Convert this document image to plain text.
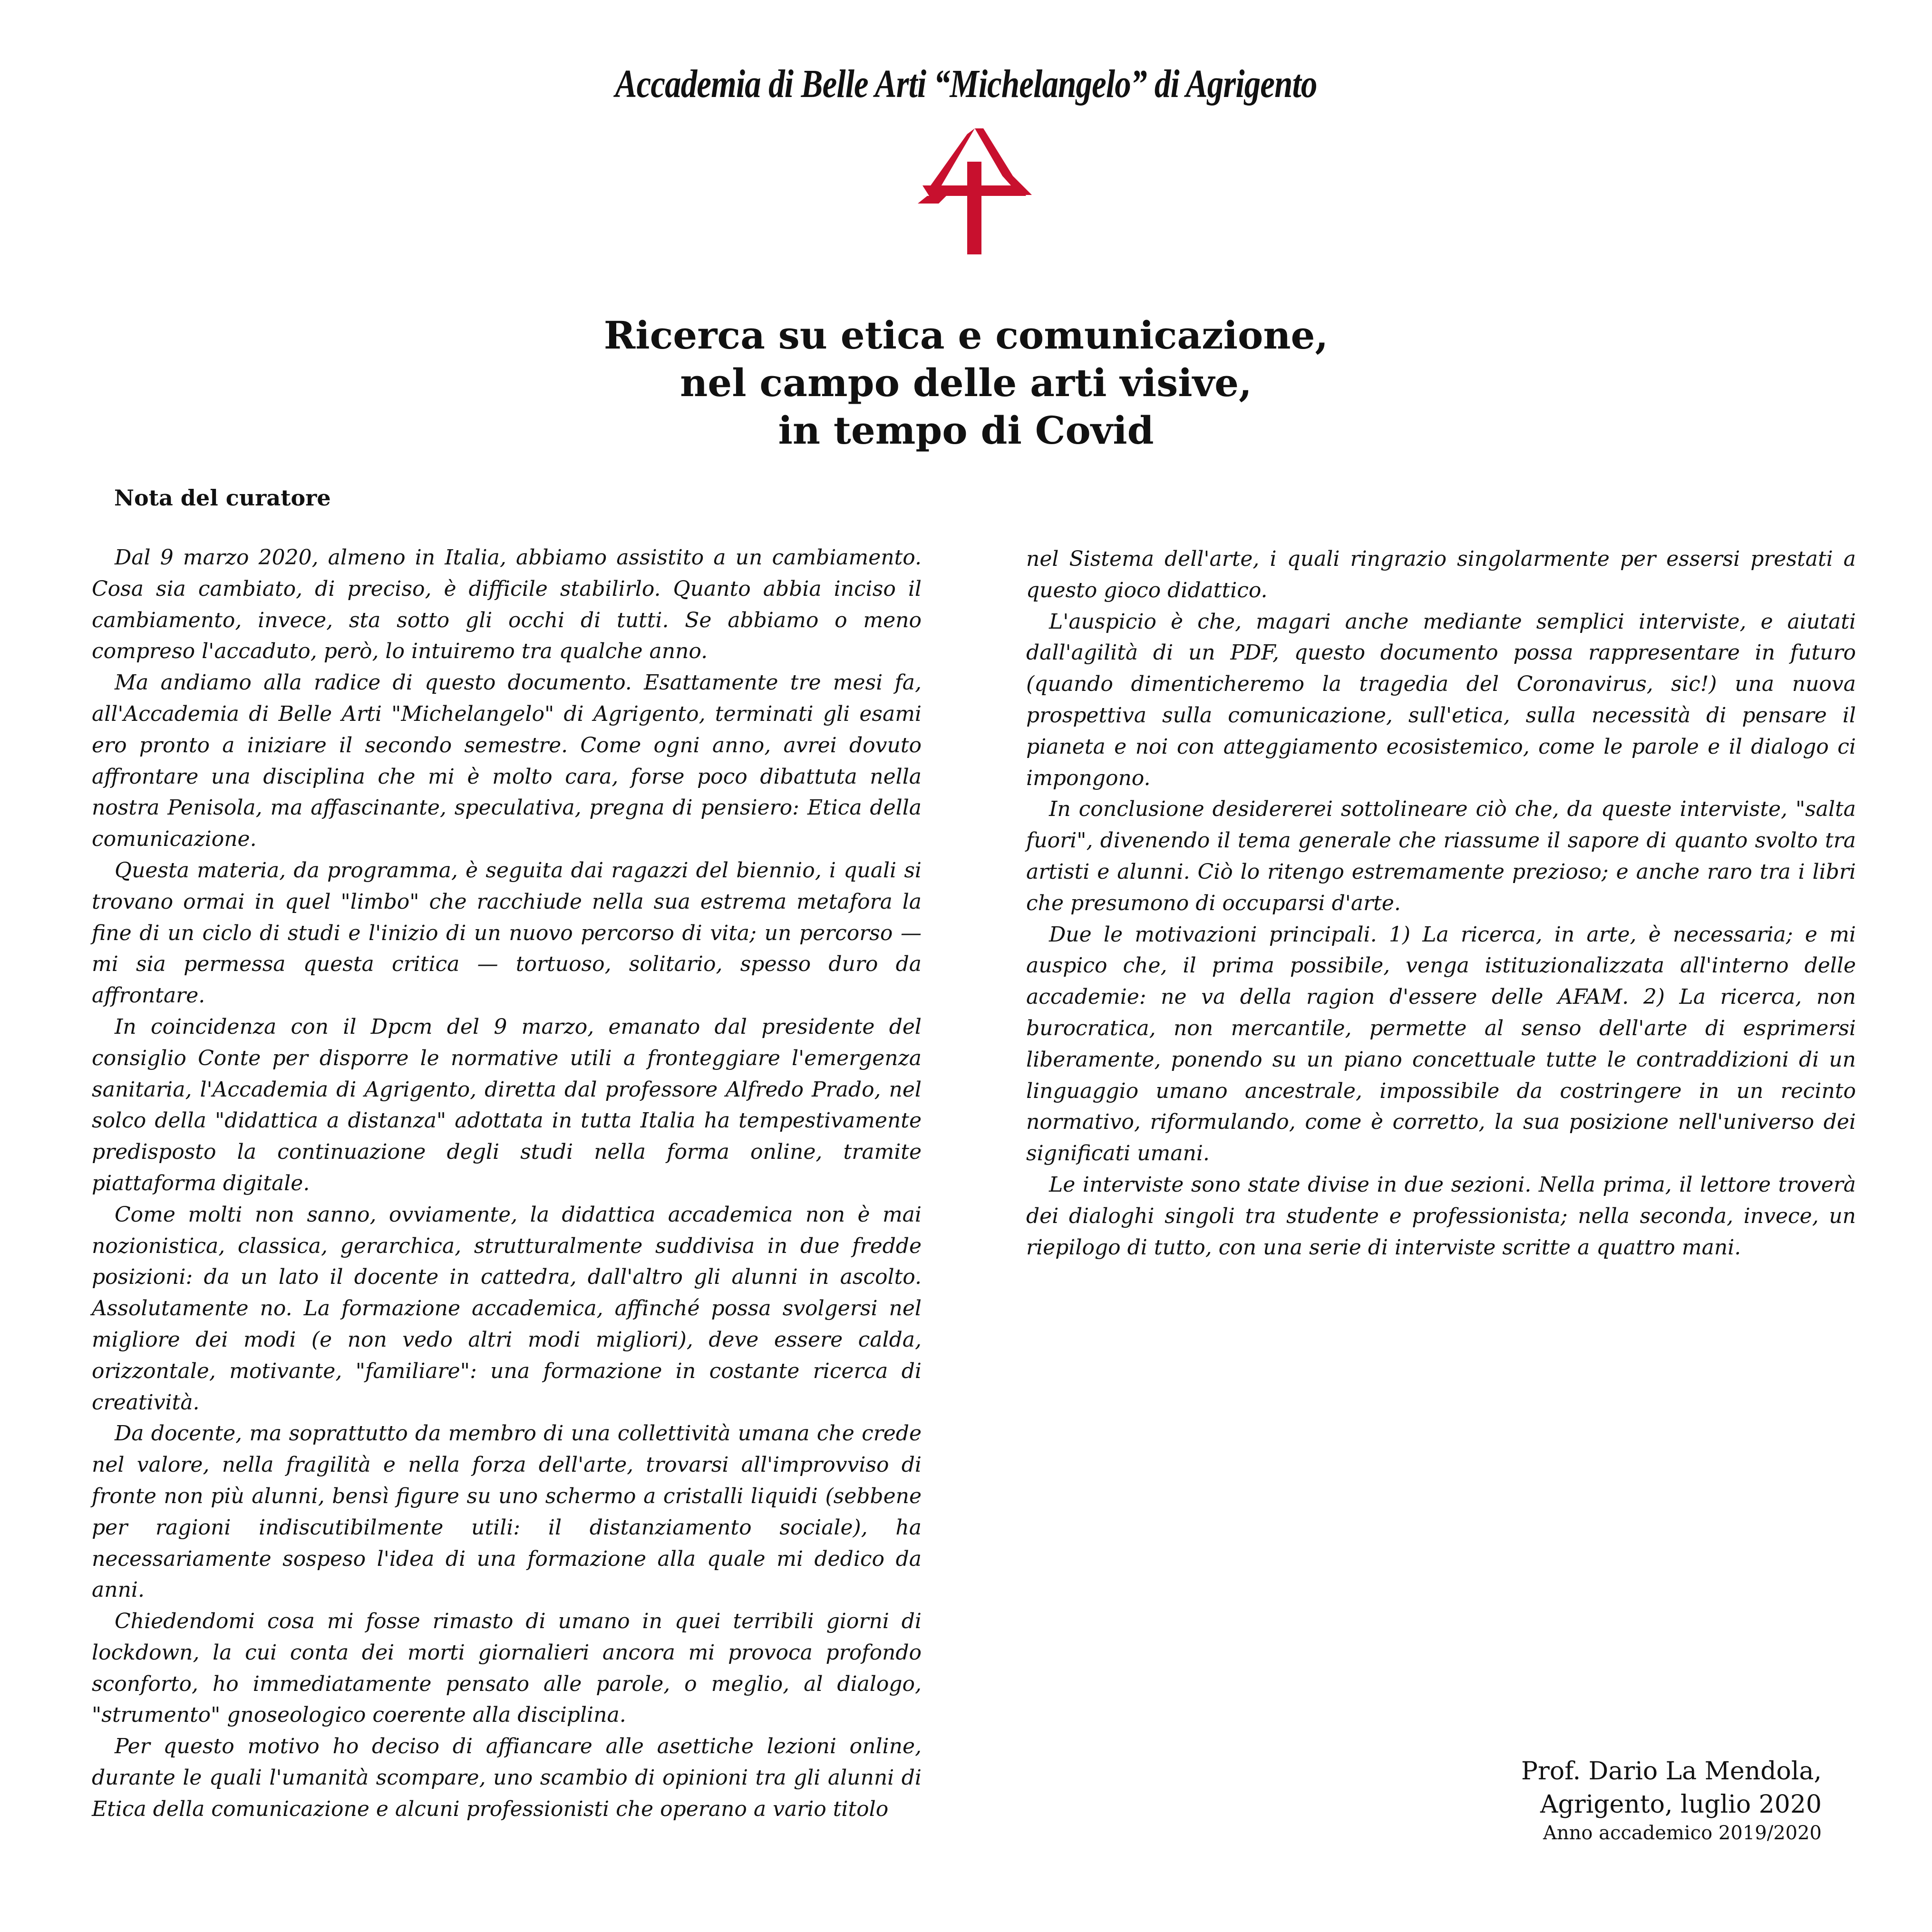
Accademia di Belle Arti “Michelangelo” di Agrigento
Ricerca su etica e comunicazione,
nel campo delle arti visive,
in tempo di Covid
Nota del curatore

Dal 9 marzo 2020, almeno in Italia, abbiamo assistito a un cambiamento. Cosa sia cambiato, di preciso, è difficile stabilirlo. Quanto abbia inciso il cambiamento, invece, sta sotto gli occhi di tutti. Se abbiamo o meno compreso l'accaduto, però, lo intuiremo tra qualche anno.

Ma andiamo alla radice di questo documento. Esattamente tre mesi fa, all'Accademia di Belle Arti "Michelangelo" di Agrigento, terminati gli esami ero pronto a iniziare il secondo semestre. Come ogni anno, avrei dovuto affrontare una disciplina che mi è molto cara, forse poco dibattuta nella nostra Penisola, ma affascinante, speculativa, pregna di pensiero: Etica della comunicazione.

Questa materia, da programma, è seguita dai ragazzi del biennio, i quali si trovano ormai in quel "limbo" che racchiude nella sua estrema metafora la fine di un ciclo di studi e l'inizio di un nuovo percorso di vita; un percorso — mi sia permessa questa critica — tortuoso, solitario, spesso duro da affrontare.

In coincidenza con il Dpcm del 9 marzo, emanato dal presidente del consiglio Conte per disporre le normative utili a fronteggiare l'emergenza sanitaria, l'Accademia di Agrigento, diretta dal professore Alfredo Prado, nel solco della "didattica a distanza" adottata in tutta Italia ha tempestivamente predisposto la continuazione degli studi nella forma online, tramite piattaforma digitale.

Come molti non sanno, ovviamente, la didattica accademica non è mai nozionistica, classica, gerarchica, strutturalmente suddivisa in due fredde posizioni: da un lato il docente in cattedra, dall'altro gli alunni in ascolto. Assolutamente no. La formazione accademica, affinché possa svolgersi nel migliore dei modi (e non vedo altri modi migliori), deve essere calda, orizzontale, motivante, "familiare": una formazione in costante ricerca di creatività.

Da docente, ma soprattutto da membro di una collettività umana che crede nel valore, nella fragilità e nella forza dell'arte, trovarsi all'improvviso di fronte non più alunni, bensì figure su uno schermo a cristalli liquidi (sebbene per ragioni indiscutibilmente utili: il distanziamento sociale), ha necessariamente sospeso l'idea di una formazione alla quale mi dedico da anni.

Chiedendomi cosa mi fosse rimasto di umano in quei terribili giorni di lockdown, la cui conta dei morti giornalieri ancora mi provoca profondo sconforto, ho immediatamente pensato alle parole, o meglio, al dialogo, "strumento" gnoseologico coerente alla disciplina.

Per questo motivo ho deciso di affiancare alle asettiche lezioni online, durante le quali l'umanità scompare, uno scambio di opinioni tra gli alunni di Etica della comunicazione e alcuni professionisti che operano a vario titolo

nel Sistema dell'arte, i quali ringrazio singolarmente per essersi prestati a questo gioco didattico.

L'auspicio è che, magari anche mediante semplici interviste, e aiutati dall'agilità di un PDF, questo documento possa rappresentare in futuro (quando dimenticheremo la tragedia del Coronavirus, sic!) una nuova prospettiva sulla comunicazione, sull'etica, sulla necessità di pensare il pianeta e noi con atteggiamento ecosistemico, come le parole e il dialogo ci impongono.

In conclusione desidererei sottolineare ciò che, da queste interviste, "salta fuori", divenendo il tema generale che riassume il sapore di quanto svolto tra artisti e alunni. Ciò lo ritengo estremamente prezioso; e anche raro tra i libri che presumono di occuparsi d'arte.

Due le motivazioni principali. 1) La ricerca, in arte, è necessaria; e mi auspico che, il prima possibile, venga istituzionalizzata all'interno delle accademie: ne va della ragion d'essere delle AFAM. 2) La ricerca, non burocratica, non mercantile, permette al senso dell'arte di esprimersi liberamente, ponendo su un piano concettuale tutte le contraddizioni di un linguaggio umano ancestrale, impossibile da costringere in un recinto normativo, riformulando, come è corretto, la sua posizione nell'universo dei significati umani.

Le interviste sono state divise in due sezioni. Nella prima, il lettore troverà dei dialoghi singoli tra studente e professionista; nella seconda, invece, un riepilogo di tutto, con una serie di interviste scritte a quattro mani.

Prof. Dario La Mendola,
Agrigento, luglio 2020
Anno accademico 2019/2020
